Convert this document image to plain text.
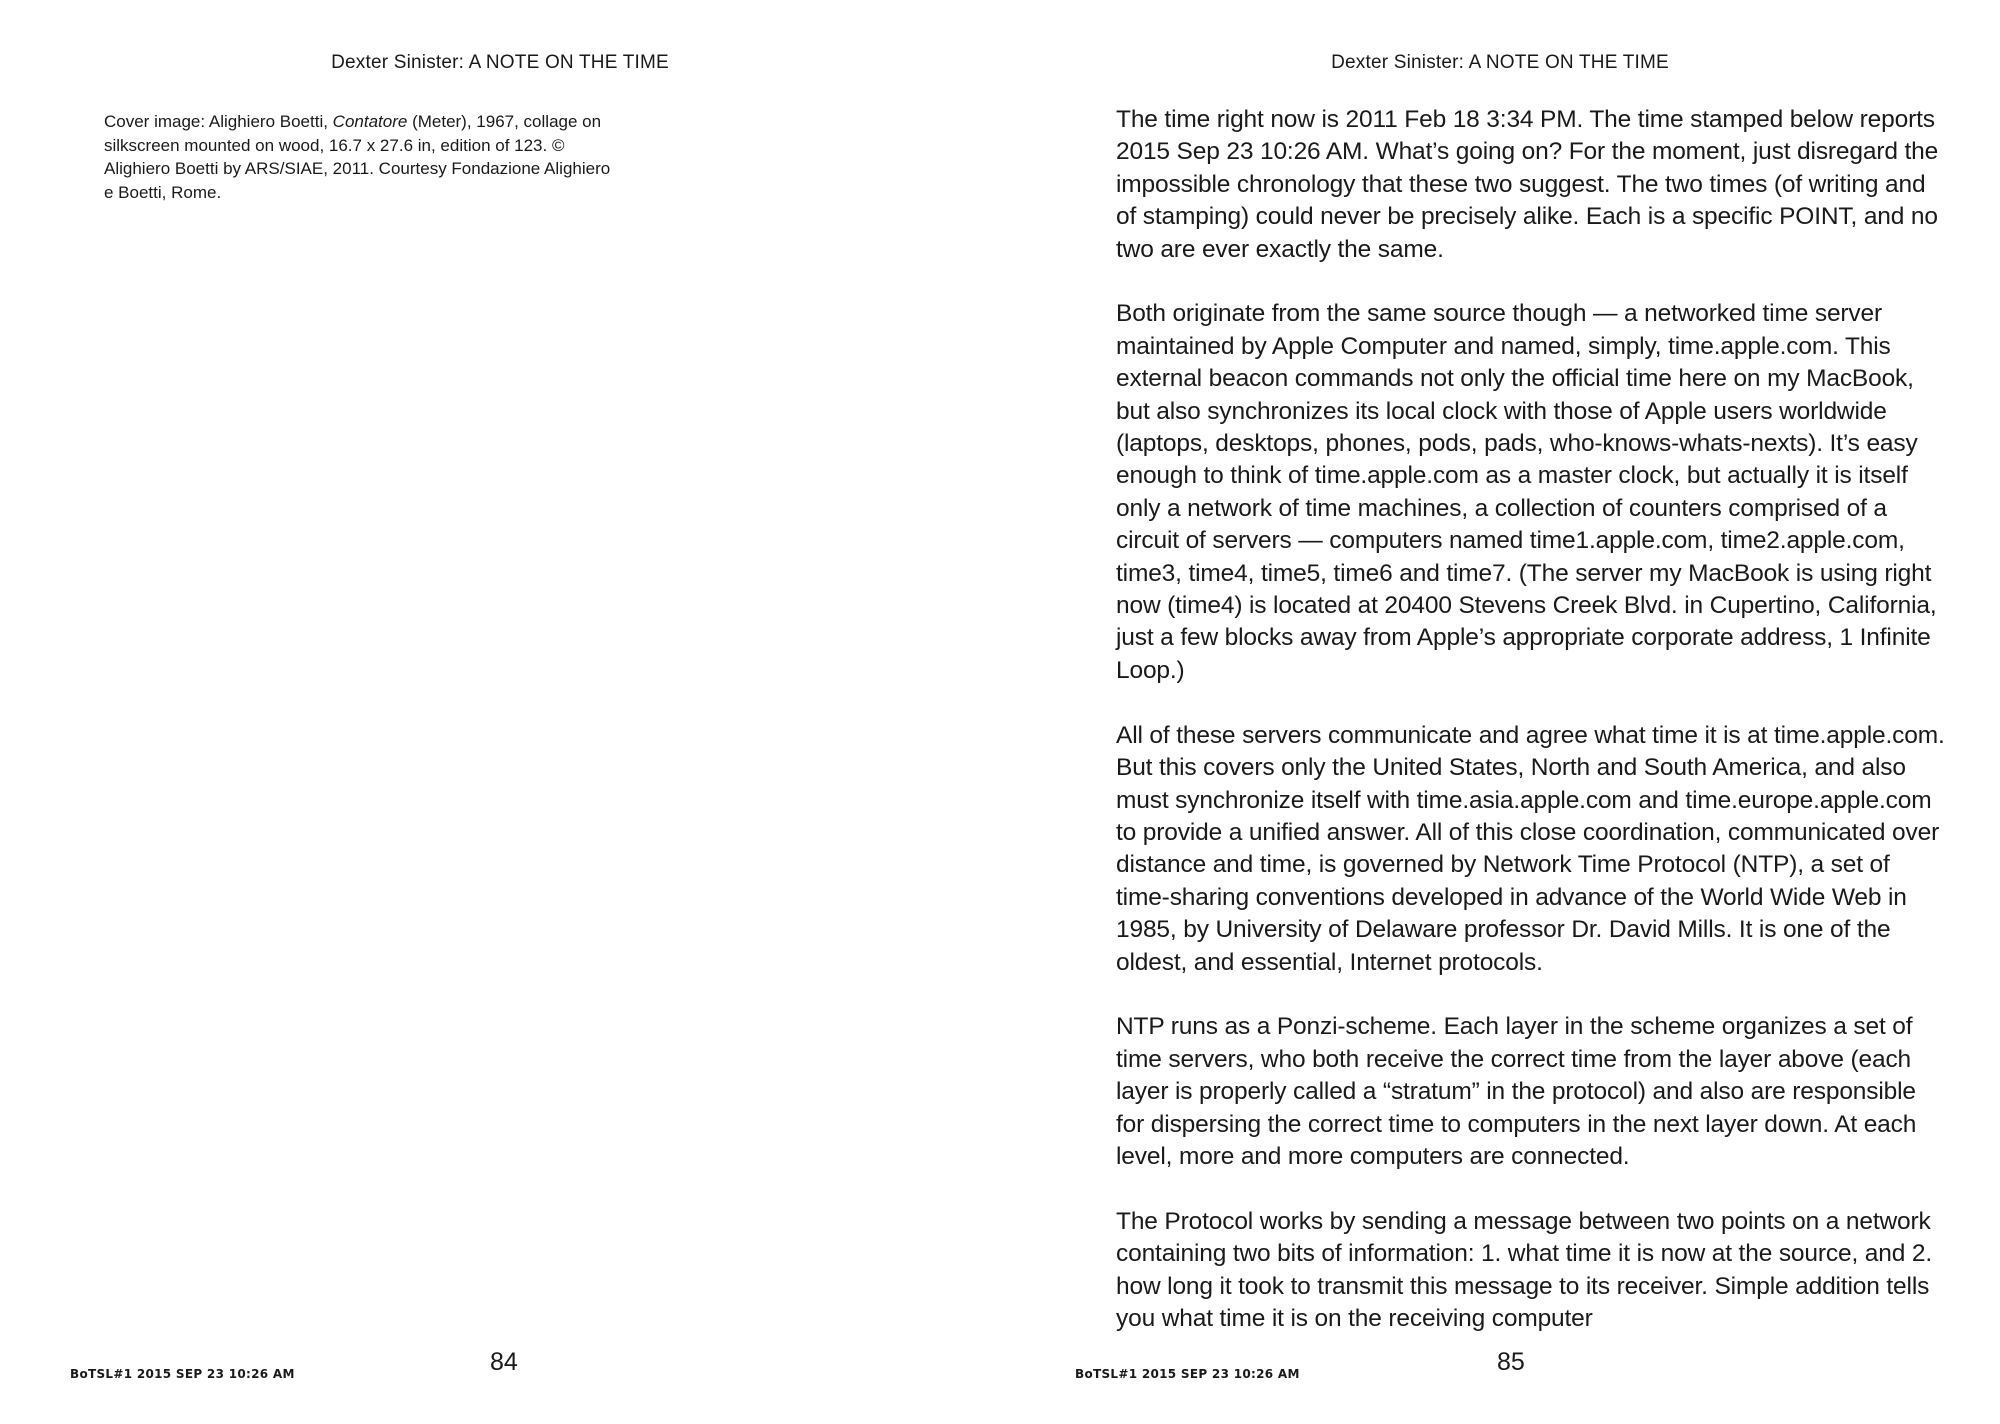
Dexter Sinister: A NOTE ON THE TIME
Cover image: Alighiero Boetti, Contatore (Meter), 1967, collage on silkscreen mounted on wood, 16.7 x 27.6 in, edition of 123. © Alighiero Boetti by ARS/SIAE, 2011. Courtesy Fondazione Alighiero e Boetti, Rome.
84
BoTSL#1 2015 SEP 23 10:26 AM
Dexter Sinister: A NOTE ON THE TIME

The time right now is 2011 Feb 18 3:34 PM. The time stamped below reports 2015 Sep 23 10:26 AM. What’s going on? For the moment, just disregard the impossible chronology that these two suggest. The two times (of writing and of stamping) could never be precisely alike. Each is a specific POINT, and no two are ever exactly the same.

Both originate from the same source though — a networked time server maintained by Apple Computer and named, simply, time.apple.com. This external beacon commands not only the official time here on my MacBook, but also synchronizes its local clock with those of Apple users worldwide (laptops, desktops, phones, pods, pads, who-knows-whats-nexts). It’s easy enough to think of time.apple.com as a master clock, but actually it is itself only a network of time machines, a collection of counters comprised of a circuit of servers — computers named time1.apple.com, time2.apple.com, time3, time4, time5, time6 and time7. (The server my MacBook is using right now (time4) is located at 20400 Stevens Creek Blvd. in Cupertino, California, just a few blocks away from Apple’s appropriate corporate address, 1 Infinite Loop.)

All of these servers communicate and agree what time it is at time.apple.com. But this covers only the United States, North and South America, and also must synchronize itself with time.asia.apple.com and time.europe.apple.com to provide a unified answer. All of this close coordination, communicated over distance and time, is governed by Network Time Protocol (NTP), a set of time-sharing conventions developed in advance of the World Wide Web in 1985, by University of Delaware professor Dr. David Mills. It is one of the oldest, and essential, Internet protocols.

NTP runs as a Ponzi-scheme. Each layer in the scheme organizes a set of time servers, who both receive the correct time from the layer above (each layer is properly called a “stratum” in the protocol) and also are responsible for dispersing the correct time to computers in the next layer down. At each level, more and more computers are connected.

The Protocol works by sending a message between two points on a network containing two bits of information: 1. what time it is now at the source, and 2. how long it took to transmit this message to its receiver. Simple addition tells you what time it is on the receiving computer

85
BoTSL#1 2015 SEP 23 10:26 AM
